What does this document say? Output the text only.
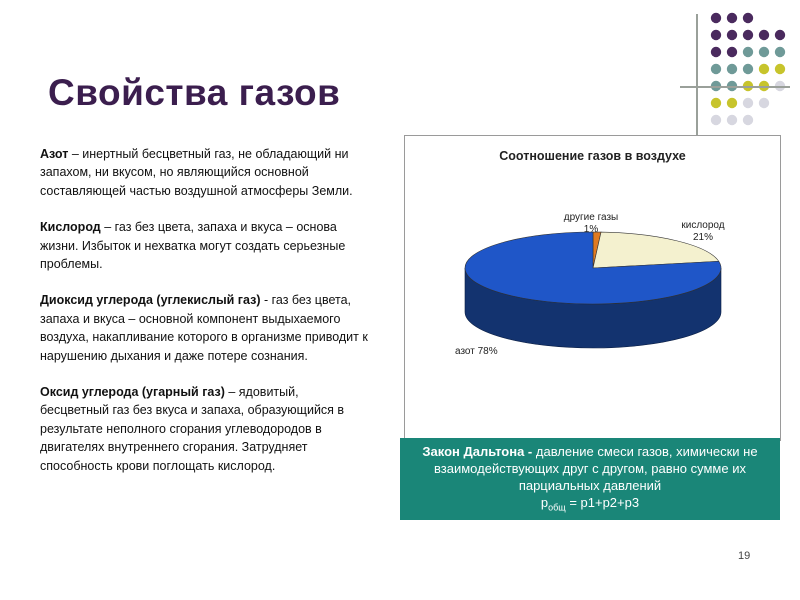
Свойства газов

Азот – инертный бесцветный газ, не обладающий ни запахом, ни вкусом, но являющийся основной составляющей частью воздушной атмосферы Земли.

Кислород – газ без цвета, запаха и вкуса – основа жизни. Избыток и нехватка могут создать серьезные проблемы.

Диоксид углерода (углекислый газ) - газ без цвета, запаха и вкуса – основной компонент выдыхаемого воздуха, накапливание которого в организме приводит к нарушению дыхания и даже потере сознания.

Оксид углерода (угарный газ) – ядовитый, бесцветный газ без вкуса и запаха, образующийся в результате неполного сгорания углеводородов в двигателях внутреннего сгорания. Затрудняет способность крови поглощать кислород.

Соотношение газов в воздухе
другие газы
1%	кислород
21%
азот 78%
Закон Дальтона - давление смеси газов, химически не взаимодействующих друг с другом, равно сумме их парциальных давлений
$p_{общ} = p1+p2+p3$
19
